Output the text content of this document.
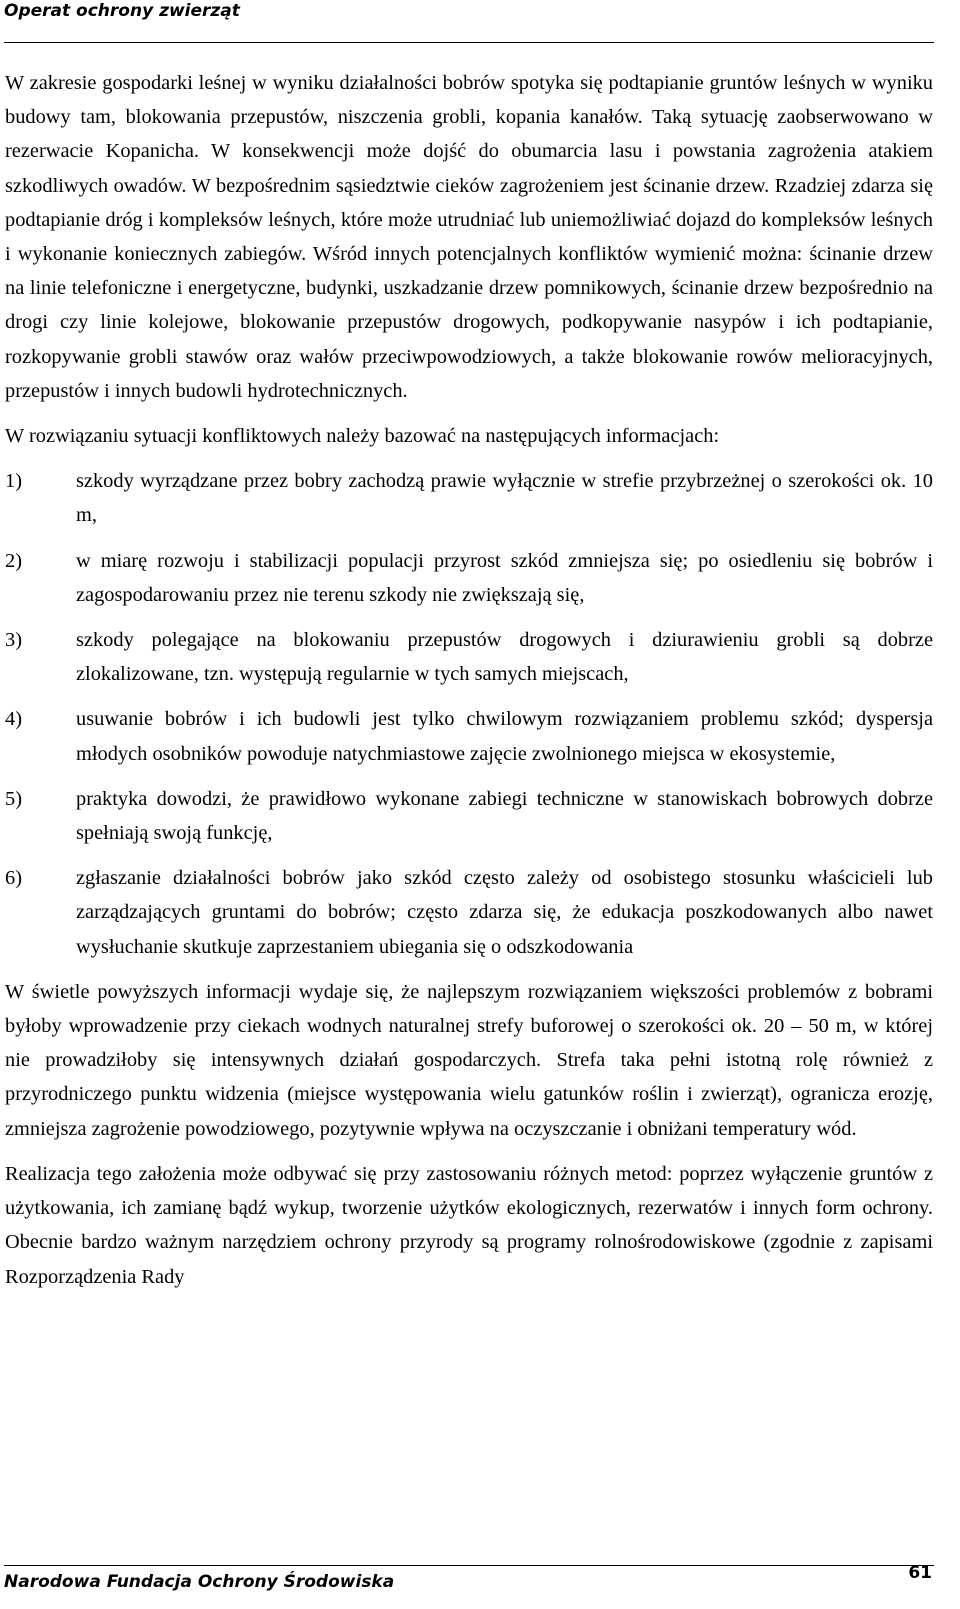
Operat ochrony zwierząt

W zakresie gospodarki leśnej w wyniku działalności bobrów spotyka się podtapianie gruntów leśnych w wyniku budowy tam, blokowania przepustów, niszczenia grobli, kopania kanałów. Taką sytuację zaobserwowano w rezerwacie Kopanicha. W konsekwencji może dojść do obumarcia lasu i powstania zagrożenia atakiem szkodliwych owadów. W bezpośrednim sąsiedztwie cieków zagrożeniem jest ścinanie drzew. Rzadziej zdarza się podtapianie dróg i kompleksów leśnych, które może utrudniać lub uniemożliwiać dojazd do kompleksów leśnych i wykonanie koniecznych zabiegów. Wśród innych potencjalnych konfliktów wymienić można: ścinanie drzew na linie telefoniczne i energetyczne, budynki, uszkadzanie drzew pomnikowych, ścinanie drzew bezpośrednio na drogi czy linie kolejowe, blokowanie przepustów drogowych, podkopywanie nasypów i ich podtapianie, rozkopywanie grobli stawów oraz wałów przeciwpowodziowych, a także blokowanie rowów melioracyjnych, przepustów i innych budowli hydrotechnicznych.

W rozwiązaniu sytuacji konfliktowych należy bazować na następujących informacjach:

1)	szkody wyrządzane przez bobry zachodzą prawie wyłącznie w strefie przybrzeżnej o szerokości ok. 10 m,
2)	w miarę rozwoju i stabilizacji populacji przyrost szkód zmniejsza się; po osiedleniu się bobrów i zagospodarowaniu przez nie terenu szkody nie zwiększają się,
3)	szkody polegające na blokowaniu przepustów drogowych i dziurawieniu grobli są dobrze zlokalizowane, tzn. występują regularnie w tych samych miejscach,
4)	usuwanie bobrów i ich budowli jest tylko chwilowym rozwiązaniem problemu szkód; dyspersja młodych osobników powoduje natychmiastowe zajęcie zwolnionego miejsca w ekosystemie,
5)	praktyka dowodzi, że prawidłowo wykonane zabiegi techniczne w stanowiskach bobrowych dobrze spełniają swoją funkcję,
6)	zgłaszanie działalności bobrów jako szkód często zależy od osobistego stosunku właścicieli lub zarządzających gruntami do bobrów; często zdarza się, że edukacja poszkodowanych albo nawet wysłuchanie skutkuje zaprzestaniem ubiegania się o odszkodowania

W świetle powyższych informacji wydaje się, że najlepszym rozwiązaniem większości problemów z bobrami byłoby wprowadzenie przy ciekach wodnych naturalnej strefy buforowej o szerokości ok. 20 – 50 m, w której nie prowadziłoby się intensywnych działań gospodarczych. Strefa taka pełni istotną rolę również z przyrodniczego punktu widzenia (miejsce występowania wielu gatunków roślin i zwierząt), ogranicza erozję, zmniejsza zagrożenie powodziowego, pozytywnie wpływa na oczyszczanie i obniżani temperatury wód.

Realizacja tego założenia może odbywać się przy zastosowaniu różnych metod: poprzez wyłączenie gruntów z użytkowania, ich zamianę bądź wykup, tworzenie użytków ekologicznych, rezerwatów i innych form ochrony. Obecnie bardzo ważnym narzędziem ochrony przyrody są programy rolnośrodowiskowe (zgodnie z zapisami Rozporządzenia Rady

Narodowa Fundacja Ochrony Środowiska	61
